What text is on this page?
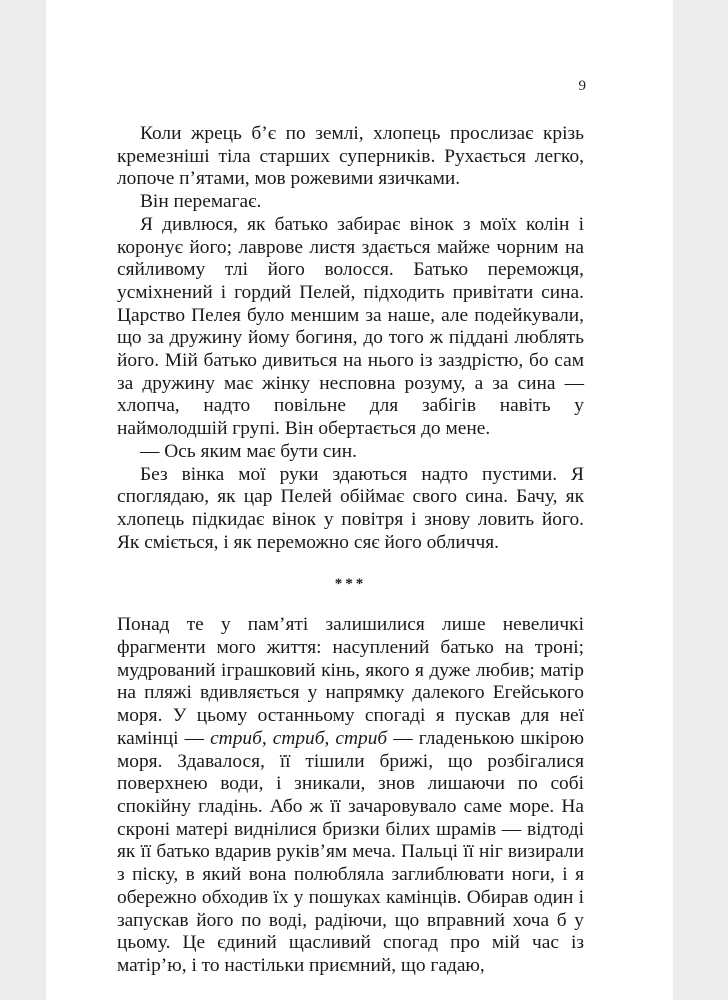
9

Коли жрець б’є по землі, хлопець прослизає крізь кремезніші тіла старших суперників. Рухається легко, лопоче п’ятами, мов рожевими язичками.

Він перемагає.

Я дивлюся, як батько забирає вінок з моїх колін і коронує його; лаврове листя здається майже чорним на сяйливому тлі його волосся. Батько переможця, усміхнений і гордий Пелей, підходить привітати сина. Царство Пелея було меншим за наше, але подейкували, що за дружину йому богиня, до того ж піддані люблять його. Мій батько дивиться на нього із заздрістю, бо сам за дружину має жінку несповна розуму, а за сина — хлопча, надто повільне для забігів навіть у наймолодшій групі. Він обертається до мене.

— Ось яким має бути син.

Без вінка мої руки здаються надто пустими. Я споглядаю, як цар Пелей обіймає свого сина. Бачу, як хлопець підкидає вінок у повітря і знову ловить його. Як сміється, і як переможно сяє його обличчя.

***

Понад те у пам’яті залишилися лише невеличкі фрагменти мого життя: насуплений батько на троні; мудрований іграшковий кінь, якого я дуже любив; матір на пляжі вдивляється у напрямку далекого Егейського моря. У цьому останньому спогаді я пускав для неї камінці — стриб, стриб, стриб — гладенькою шкірою моря. Здавалося, її тішили брижі, що розбігалися поверхнею води, і зникали, знов лишаючи по собі спокійну гладінь. Або ж її зачаровувало саме море. На скроні матері виднілися бризки білих шрамів — відтоді як її батько вдарив руків’ям меча. Пальці її ніг визирали з піску, в який вона полюбляла заглиблювати ноги, і я обережно обходив їх у пошуках камінців. Обирав один і запускав його по воді, радіючи, що вправний хоча б у цьому. Це єдиний щасливий спогад про мій час із матір’ю, і то настільки приємний, що гадаю,
